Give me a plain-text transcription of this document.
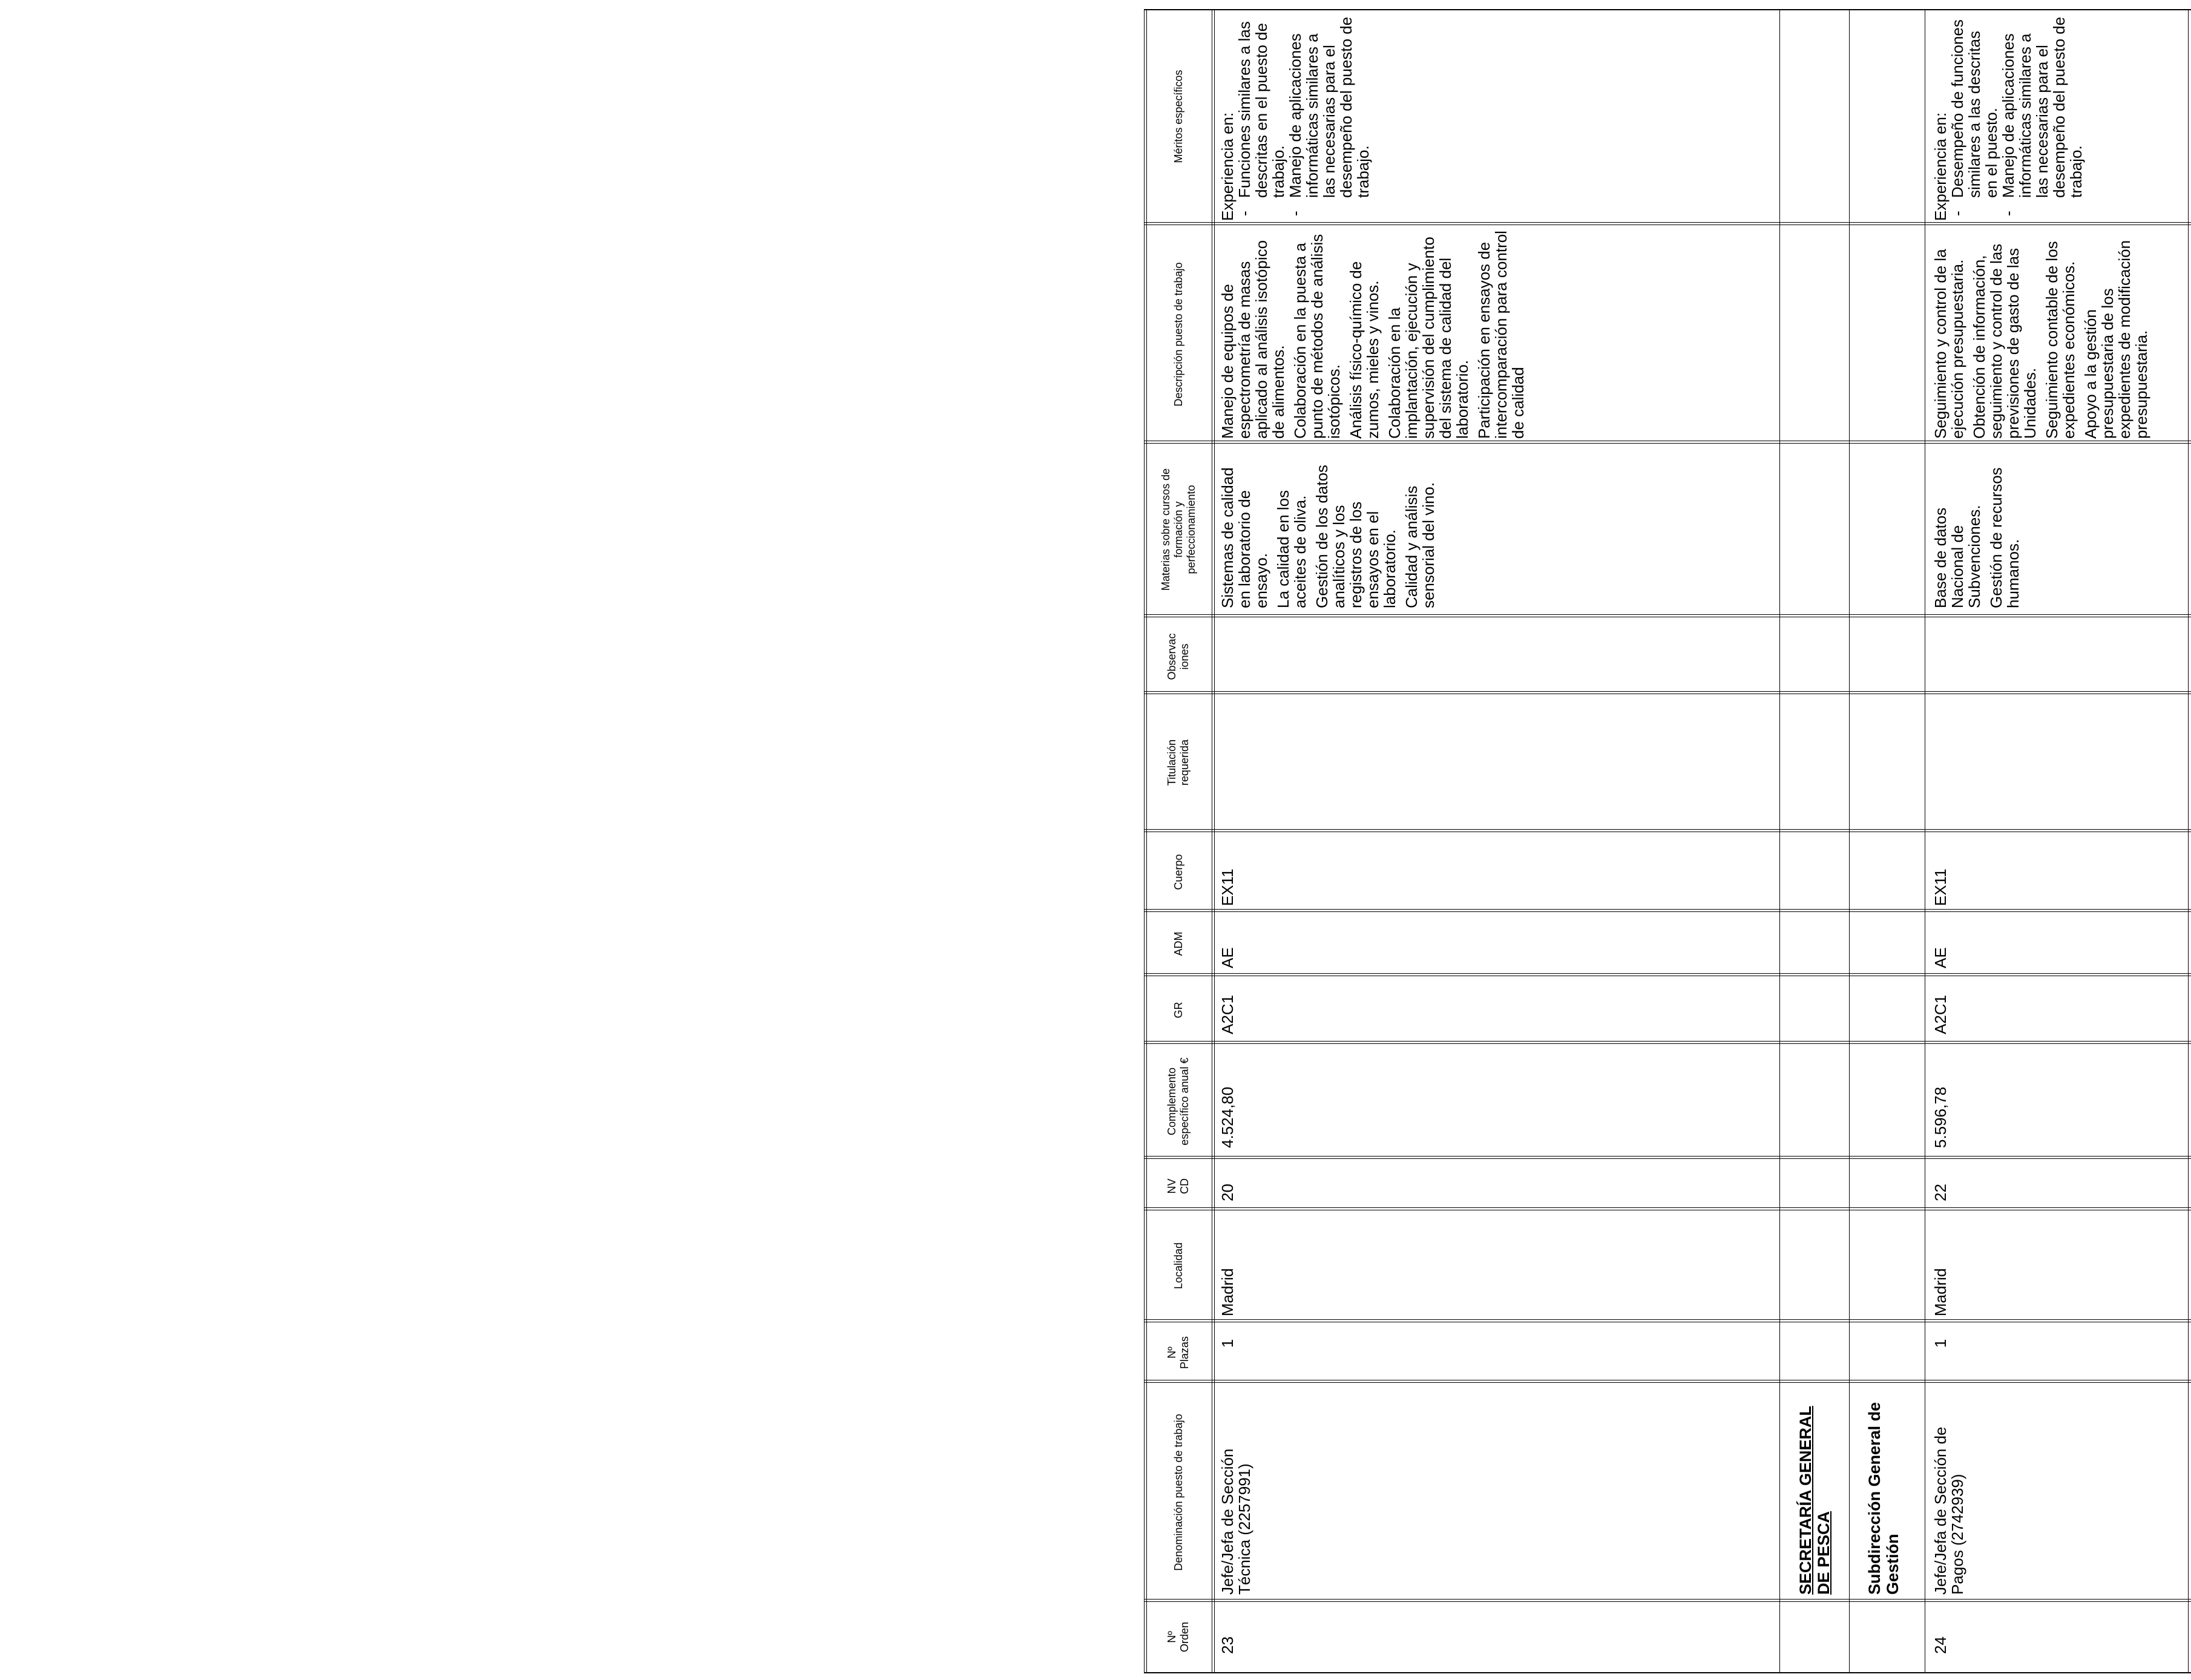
Nº Orden
Denominación puesto de trabajo
Nº Plazas
Localidad
NV CD
Complemento específico anual €
GR
ADM
Cuerpo
Titulación requerida
Observaciones
Materias sobre cursos de formación y perfeccionamiento
Descripción puesto de trabajo
Méritos específicos
23
Jefe/Jefa de Sección Técnica (2257991)
1
Madrid
20
4.524,80
A2C1
AE
EX11

Sistemas de calidad en laboratorio de ensayo. La calidad en los aceites de oliva. Gestión de los datos analíticos y los registros de los ensayos en el laboratorio. Calidad y análisis sensorial del vino.

Manejo de equipos de espectrometría de masas aplicado al análisis isotópico de alimentos. Colaboración en la puesta a punto de métodos de análisis isotópicos. Análisis físico-químico de zumos, mieles y vinos. Colaboración en la implantación, ejecución y supervisión del cumplimiento del sistema de calidad del laboratorio. Participación en ensayos de intercomparación para control de calidad

Experiencia en:
- Funciones similares a las descritas en el puesto de trabajo.
- Manejo de aplicaciones informáticas similares a las necesarias para el desempeño del puesto de trabajo.
SECRETARÍA GENERAL DE PESCA Subdirección General de Gestión
24
Jefe/Jefa de Sección de Pagos (2742939)
1
Madrid
22
5.596,78
A2C1
AE
EX11

Base de datos Nacional de Subvenciones. Gestión de recursos humanos.

Seguimiento y control de la ejecución presupuestaria. Obtención de información, seguimiento y control de las previsiones de gasto de las Unidades. Seguimiento contable de los expedientes económicos. Apoyo a la gestión presupuestaria de los expedientes de modificación presupuestaria.

Experiencia en:
- Desempeño de funciones similares a las descritas en el puesto.
- Manejo de aplicaciones informáticas similares a las necesarias para el desempeño del puesto de trabajo.
